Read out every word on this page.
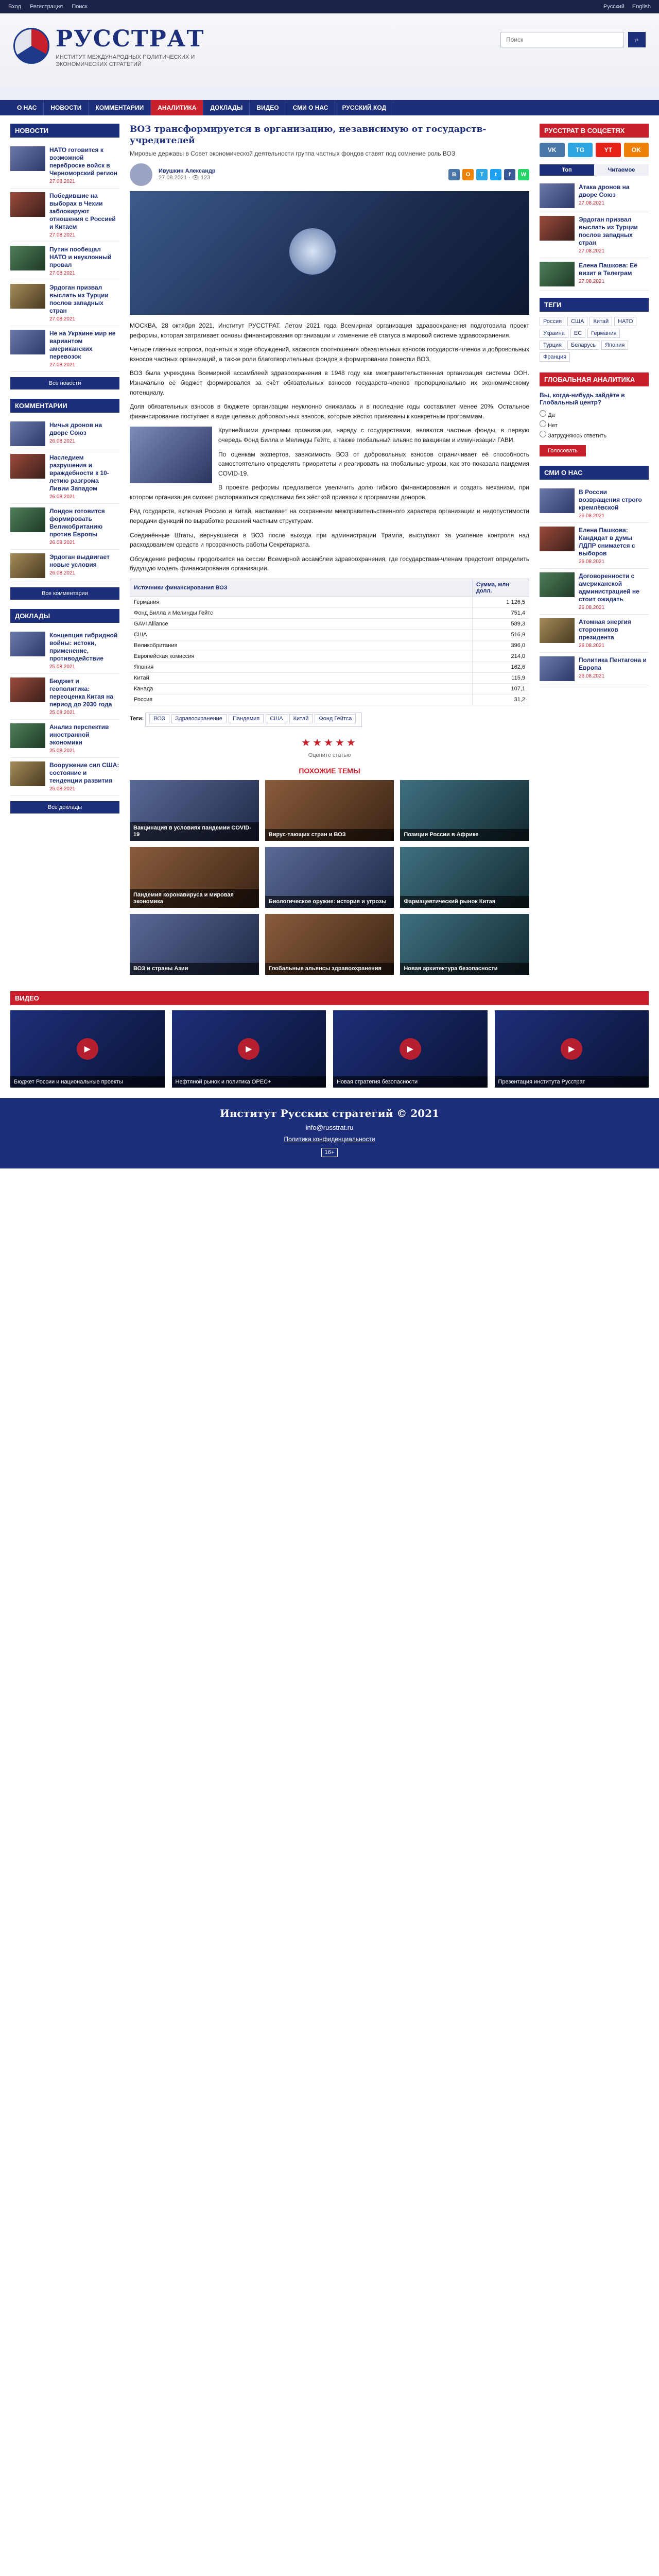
Вход Регистрация Поиск	Русский English
РУССТРАТ
ИНСТИТУТ МЕЖДУНАРОДНЫХ ПОЛИТИЧЕСКИХ И ЭКОНОМИЧЕСКИХ СТРАТЕГИЙ
Поиск
⌕
О НАС	НОВОСТИ	КОММЕНТАРИИ	АНАЛИТИКА	ДОКЛАДЫ	ВИДЕО	СМИ О НАС	РУССКИЙ КОД
НОВОСТИ
НАТО готовится к возможной переброске войск в Черноморский регион
27.08.2021
Победившие на выборах в Чехии заблокируют отношения с Россией и Китаем
27.08.2021
Путин пообещал НАТО и неуклонный провал
27.08.2021
Эрдоган призвал выслать из Турции послов западных стран
27.08.2021
Не на Украине мир не вариантом американских перевозок
27.08.2021
Все новости
КОММЕНТАРИИ
Ничья дронов на дворе Союз
26.08.2021
Наследием разрушения и враждебности к 10-летию разгрома Ливии Западом
26.08.2021
Лондон готовится формировать Великобританию против Европы
26.08.2021
Эрдоган выдвигает новые условия
26.08.2021
Все комментарии
ДОКЛАДЫ
Концепция гибридной войны: истоки, применение, противодействие
25.08.2021
Бюджет и геополитика: переоценка Китая на период до 2030 года
25.08.2021
Анализ перспектив иностранной экономики
25.08.2021
Вооружение сил США: состояние и тенденции развития
25.08.2021
Все доклады
ВОЗ трансформируется в организацию, независимую от государств-учредителей
Мировые державы в Совет экономической деятельности группа частных фондов ставят под сомнение роль ВОЗ
Ивушкин Александр
27.08.2021 · 👁 123
В	О	T	t	f	W

МОСКВА, 28 октября 2021, Институт РУССТРАТ. Летом 2021 года Всемирная организация здравоохранения подготовила проект реформы, которая затрагивает основы финансирования организации и изменение её статуса в мировой системе здравоохранения.

Четыре главных вопроса, поднятых в ходе обсуждений, касаются соотношения обязательных взносов государств-членов и добровольных взносов частных организаций, а также роли благотворительных фондов в формировании повестки ВОЗ.

ВОЗ была учреждена Всемирной ассамблеей здравоохранения в 1948 году как межправительственная организация системы ООН. Изначально её бюджет формировался за счёт обязательных взносов государств-членов пропорционально их экономическому потенциалу.

Доля обязательных взносов в бюджете организации неуклонно снижалась и в последние годы составляет менее 20%. Остальное финансирование поступает в виде целевых добровольных взносов, которые жёстко привязаны к конкретным программам.

Крупнейшими донорами организации, наряду с государствами, являются частные фонды, в первую очередь Фонд Билла и Мелинды Гейтс, а также глобальный альянс по вакцинам и иммунизации ГАВИ.

По оценкам экспертов, зависимость ВОЗ от добровольных взносов ограничивает её способность самостоятельно определять приоритеты и реагировать на глобальные угрозы, как это показала пандемия COVID-19.

В проекте реформы предлагается увеличить долю гибкого финансирования и создать механизм, при котором организация сможет распоряжаться средствами без жёсткой привязки к программам доноров.

Ряд государств, включая Россию и Китай, настаивает на сохранении межправительственного характера организации и недопустимости передачи функций по выработке решений частным структурам.

Соединённые Штаты, вернувшиеся в ВОЗ после выхода при администрации Трампа, выступают за усиление контроля над расходованием средств и прозрачность работы Секретариата.

Обсуждение реформы продолжится на сессии Всемирной ассамблеи здравоохранения, где государствам-членам предстоит определить будущую модель финансирования организации.

Источники финансирования ВОЗ	Сумма, млн долл.
Германия	1 126,5
Фонд Билла и Мелинды Гейтс	751,4
GAVI Alliance	589,3
США	516,9
Великобритания	396,0
Европейская комиссия	214,0
Япония	162,6
Китай	115,9
Канада	107,1
Россия	31,2
Теги: ВОЗ Здравоохранение Пандемия США Китай Фонд Гейтса
★★★★★
Оцените статью
ПОХОЖИЕ ТЕМЫ
Вакцинация в условиях пандемии COVID-19	Вирус-тающих стран и ВОЗ	Позиции России в Африке
Пандемия коронавируса и мировая экономика	Биологическое оружие: история и угрозы	Фармацевтический рынок Китая
ВОЗ и страны Азии	Глобальные альянсы здравоохранения	Новая архитектура безопасности
РУССТРАТ В СОЦСЕТЯХ
VK	TG	YT	OK
Топ	Читаемое
Атака дронов на дворе Союз
27.08.2021
Эрдоган призвал выслать из Турции послов западных стран
27.08.2021
Елена Пашкова: Её визит в Телеграм
27.08.2021
ТЕГИ
Россия США Китай НАТОУкраина ЕС ГерманияТурция Беларусь ЯпонияФранция
ГЛОБАЛЬНАЯ АНАЛИТИКА
Вы, когда-нибудь зайдёте в Глобальный центр?
Да
Нет
Затрудняюсь ответить
Голосовать
СМИ О НАС
В России возвращения строго кремлёвской
26.08.2021
Елена Пашкова: Кандидат в думы ЛДПР снимается с выборов
26.08.2021
Договоренности с американской администрацией не стоит ожидать
26.08.2021
Атомная энергия сторонников президента
26.08.2021
Политика Пентагона и Европа
26.08.2021
ВИДЕО
▶
Бюджет России и национальные проекты
▶
Нефтяной рынок и политика OPEC+
▶
Новая стратегия безопасности
▶
Презентация института Русстрат
Институт Русских стратегий © 2021
info@russtrat.ru
Политика конфиденциальности
16+
